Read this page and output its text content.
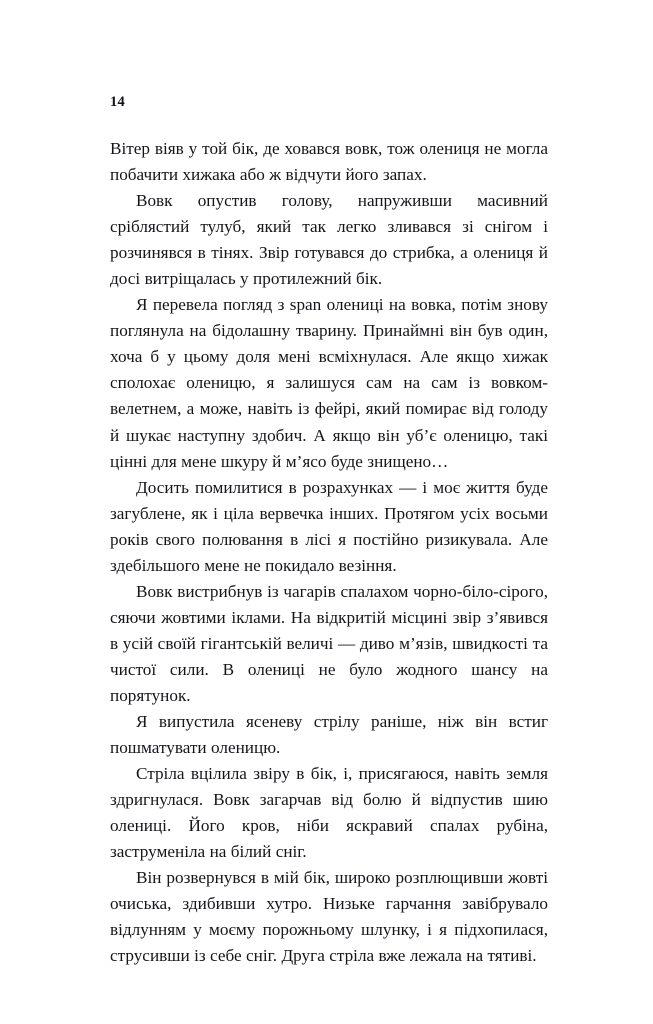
14

Вітер віяв у той бік, де ховався вовк, тож олениця не могла побачити хижака або ж відчути його запах.

Вовк опустив голову, напруживши масивний сріблястий тулуб, який так легко зливався зі снігом і розчинявся в тінях. Звір готувався до стрибка, а олениця й досі витріщалась у протилежний бік.

Я перевела погляд з span олениці на вовка, потім знову поглянула на бідолашну тварину. Принаймні він був один, хоча б у цьому доля мені всміхнулася. Але якщо хижак сполохає оленицю, я залишуся сам на сам із вовком-велетнем, а може, навіть із фейрі, який помирає від голоду й шукає наступну здобич. А якщо він уб’є оленицю, такі цінні для мене шкуру й м’ясо буде знищено…

Досить помилитися в розрахунках — і моє життя буде загублене, як і ціла вервечка інших. Протягом усіх восьми років свого полювання в лісі я постійно ризикувала. Але здебільшого мене не покидало везіння.

Вовк вистрибнув із чагарів спалахом чорно-біло-сірого, сяючи жовтими іклами. На відкритій місцині звір з’явився в усій своїй гігантській величі — диво м’язів, швидкості та чистої сили. В олениці не було жодного шансу на порятунок.

Я випустила ясеневу стрілу раніше, ніж він встиг пошматувати оленицю.

Стріла вцілила звіру в бік, і, присягаюся, навіть земля здригнулася. Вовк загарчав від болю й відпустив шию олениці. Його кров, ніби яскравий спалах рубіна, заструменіла на білий сніг.

Він розвернувся в мій бік, широко розплющивши жовті очиська, здибивши хутро. Низьке гарчання завібрувало відлунням у моєму порожньому шлунку, і я підхопилася, струсивши із себе сніг. Друга стріла вже лежала на тятиві.
